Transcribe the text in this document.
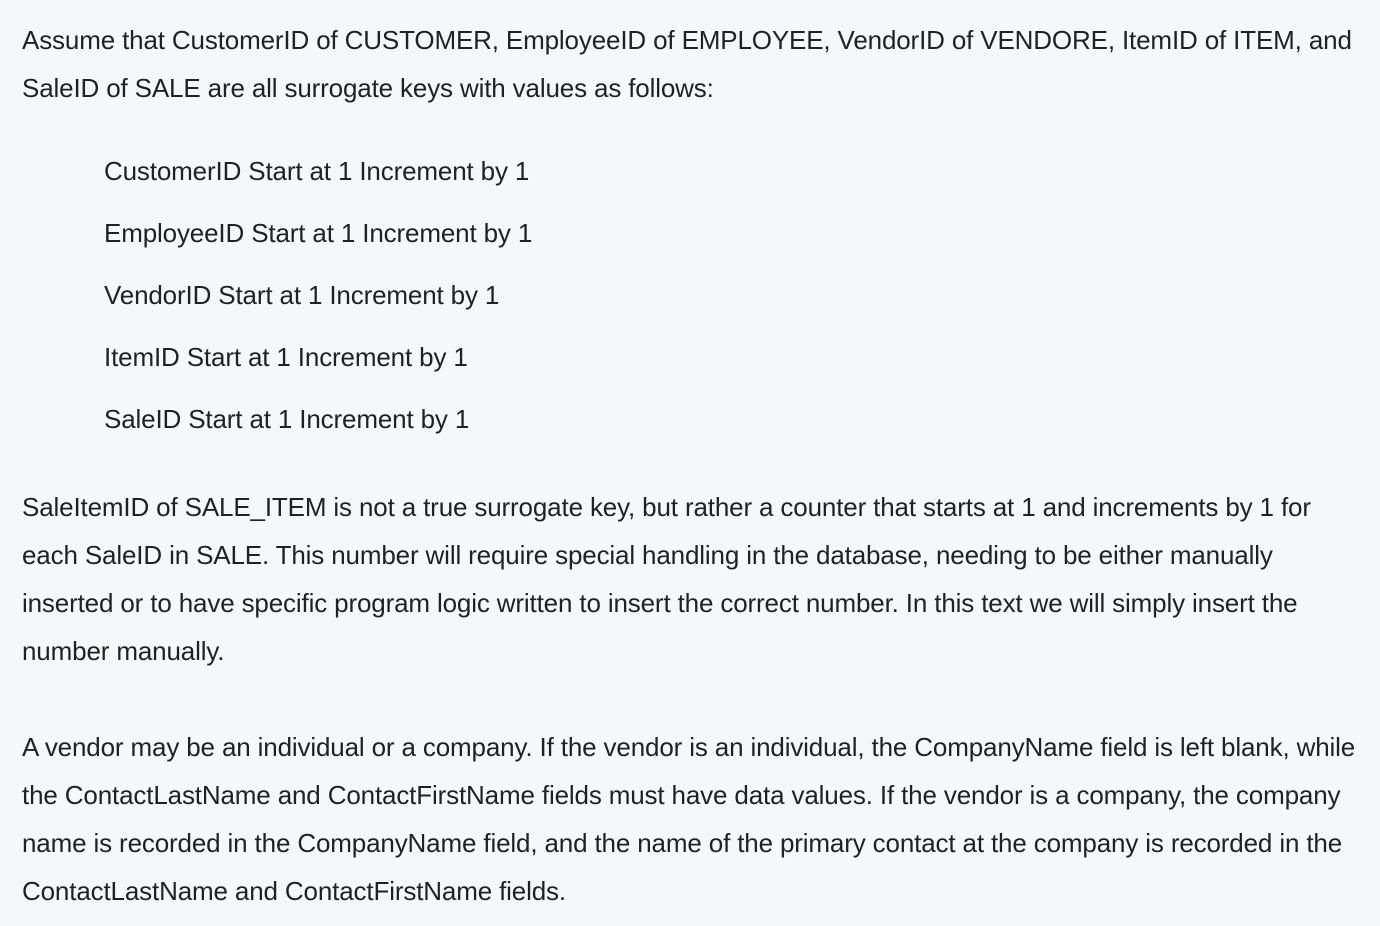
Assume that CustomerID of CUSTOMER, EmployeeID of EMPLOYEE, VendorID of VENDORE, ItemID of ITEM, and SaleID of SALE are all surrogate keys with values as follows:

CustomerID Start at 1 Increment by 1
EmployeeID Start at 1 Increment by 1
VendorID Start at 1 Increment by 1
ItemID Start at 1 Increment by 1
SaleID Start at 1 Increment by 1

SaleItemID of SALE_ITEM is not a true surrogate key, but rather a counter that starts at 1 and increments by 1 for each SaleID in SALE. This number will require special handling in the database, needing to be either manually inserted or to have specific program logic written to insert the correct number. In this text we will simply insert the number manually.

A vendor may be an individual or a company. If the vendor is an individual, the CompanyName field is left blank, while the ContactLastName and ContactFirstName fields must have data values. If the vendor is a company, the company name is recorded in the CompanyName field, and the name of the primary contact at the company is recorded in the ContactLastName and ContactFirstName fields.
